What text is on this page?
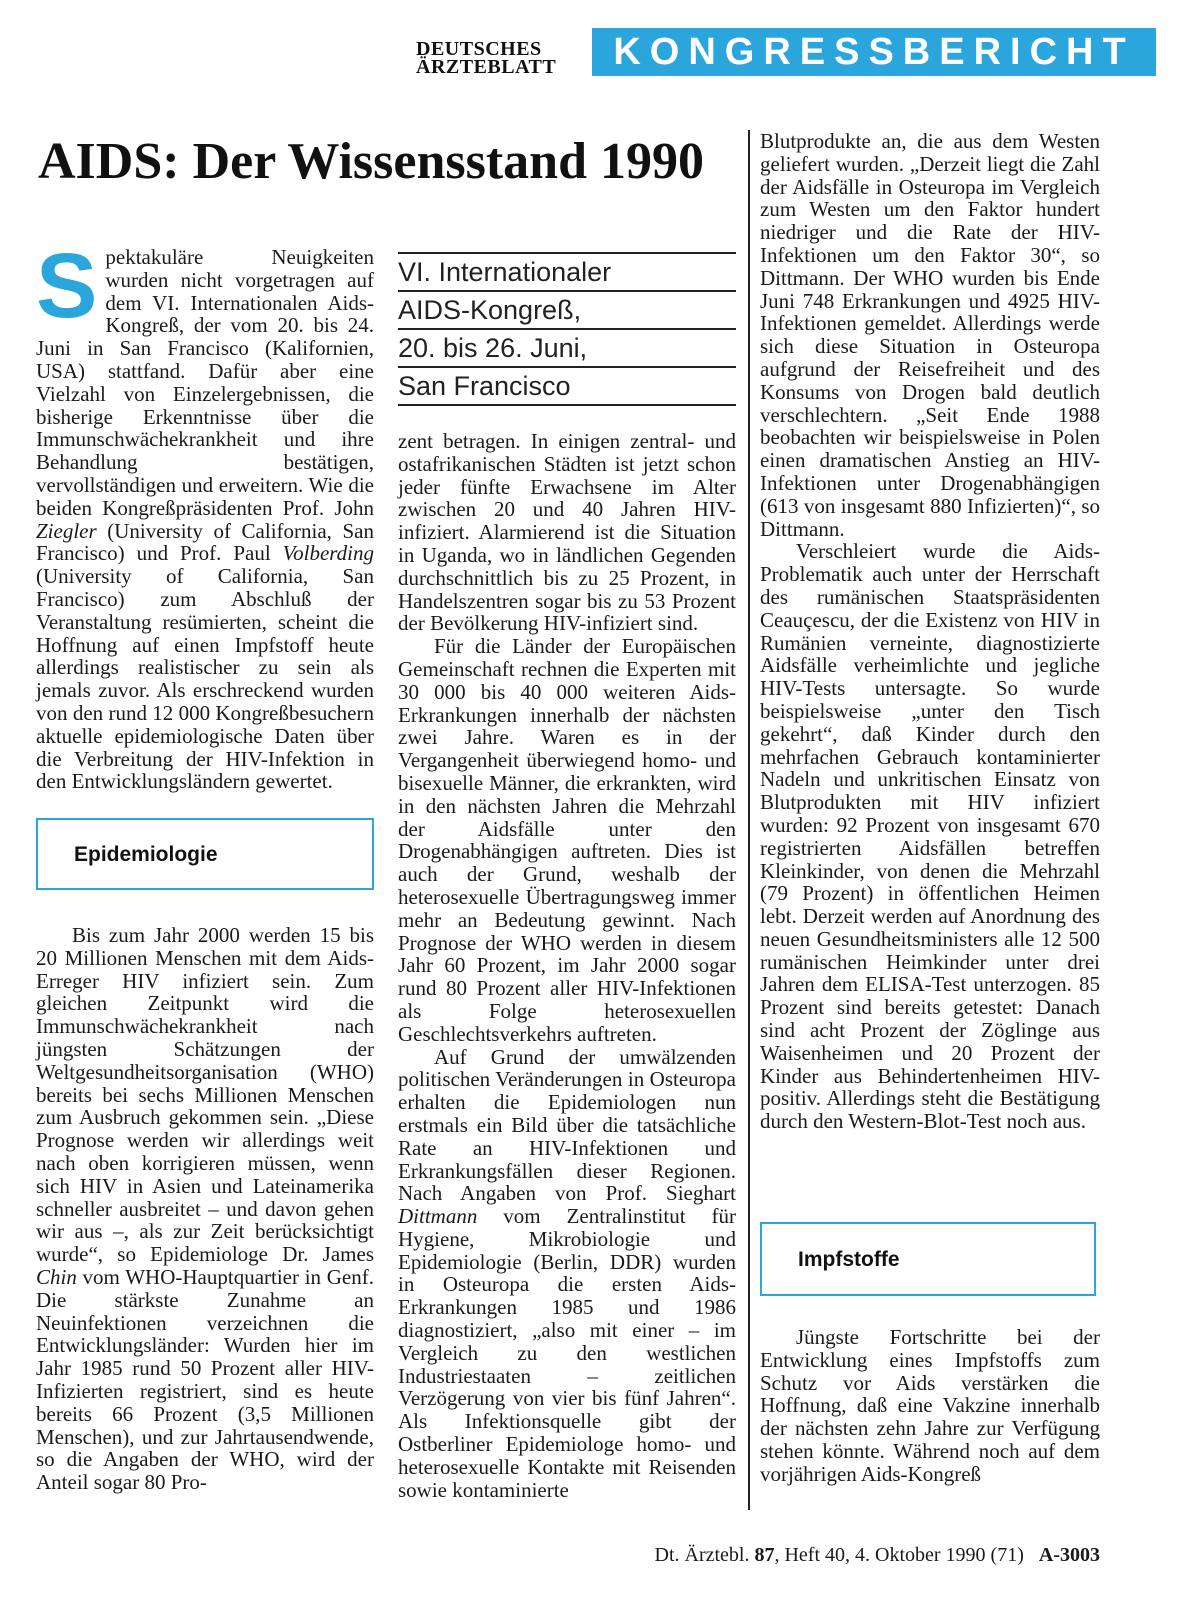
DEUTSCHES
ÄRZTEBLATT	KONGRESSBERICHT
AIDS: Der Wissensstand 1990

Spektakuläre Neuigkeiten wurden nicht vorgetragen auf dem VI. Internationalen Aids-Kongreß, der vom 20. bis 24. Juni in San Francisco (Kalifornien, USA) stattfand. Dafür aber eine Vielzahl von Einzelergebnissen, die bisherige Erkenntnisse über die Immunschwächekrankheit und ihre Behandlung bestätigen, vervollständigen und erweitern. Wie die beiden Kongreßpräsidenten Prof. John Ziegler (University of California, San Francisco) und Prof. Paul Volberding (University of California, San Francisco) zum Abschluß der Veranstaltung resümierten, scheint die Hoffnung auf einen Impfstoff heute allerdings realistischer zu sein als jemals zuvor. Als erschreckend wurden von den rund 12 000 Kongreßbesuchern aktuelle epidemiologische Daten über die Verbreitung der HIV-Infektion in den Entwicklungsländern gewertet.

Epidemiologie

Bis zum Jahr 2000 werden 15 bis 20 Millionen Menschen mit dem Aids-Erreger HIV infiziert sein. Zum gleichen Zeitpunkt wird die Immunschwächekrankheit nach jüngsten Schätzungen der Weltgesundheitsorganisation (WHO) bereits bei sechs Millionen Menschen zum Ausbruch gekommen sein. „Diese Prognose werden wir allerdings weit nach oben korrigieren müssen, wenn sich HIV in Asien und Lateinamerika schneller ausbreitet – und davon gehen wir aus –, als zur Zeit berücksichtigt wurde“, so Epidemiologe Dr. James Chin vom WHO-Hauptquartier in Genf. Die stärkste Zunahme an Neuinfektionen verzeichnen die Entwicklungsländer: Wurden hier im Jahr 1985 rund 50 Prozent aller HIV-Infizierten registriert, sind es heute bereits 66 Prozent (3,5 Millionen Menschen), und zur Jahrtausendwende, so die Angaben der WHO, wird der Anteil sogar 80 Pro-

VI. Internationaler
AIDS-Kongreß,
20. bis 26. Juni,
San Francisco

zent betragen. In einigen zentral- und ostafrikanischen Städten ist jetzt schon jeder fünfte Erwachsene im Alter zwischen 20 und 40 Jahren HIV-infiziert. Alarmierend ist die Situation in Uganda, wo in ländlichen Gegenden durchschnittlich bis zu 25 Prozent, in Handelszentren sogar bis zu 53 Prozent der Bevölkerung HIV-infiziert sind.

Für die Länder der Europäischen Gemeinschaft rechnen die Experten mit 30 000 bis 40 000 weiteren Aids-Erkrankungen innerhalb der nächsten zwei Jahre. Waren es in der Vergangenheit überwiegend homo- und bisexuelle Männer, die erkrankten, wird in den nächsten Jahren die Mehrzahl der Aidsfälle unter den Drogenabhängigen auftreten. Dies ist auch der Grund, weshalb der heterosexuelle Übertragungsweg immer mehr an Bedeutung gewinnt. Nach Prognose der WHO werden in diesem Jahr 60 Prozent, im Jahr 2000 sogar rund 80 Prozent aller HIV-Infektionen als Folge heterosexuellen Geschlechtsverkehrs auftreten.

Auf Grund der umwälzenden politischen Veränderungen in Osteuropa erhalten die Epidemiologen nun erstmals ein Bild über die tatsächliche Rate an HIV-Infektionen und Erkrankungsfällen dieser Regionen. Nach Angaben von Prof. Sieghart Dittmann vom Zentralinstitut für Hygiene, Mikrobiologie und Epidemiologie (Berlin, DDR) wurden in Osteuropa die ersten Aids-Erkrankungen 1985 und 1986 diagnostiziert, „also mit einer – im Vergleich zu den westlichen Industriestaaten – zeitlichen Verzögerung von vier bis fünf Jahren“. Als Infektionsquelle gibt der Ostberliner Epidemiologe homo- und heterosexuelle Kontakte mit Reisenden sowie kontaminierte

Blutprodukte an, die aus dem Westen geliefert wurden. „Derzeit liegt die Zahl der Aidsfälle in Osteuropa im Vergleich zum Westen um den Faktor hundert niedriger und die Rate der HIV-Infektionen um den Faktor 30“, so Dittmann. Der WHO wurden bis Ende Juni 748 Erkrankungen und 4925 HIV-Infektionen gemeldet. Allerdings werde sich diese Situation in Osteuropa aufgrund der Reisefreiheit und des Konsums von Drogen bald deutlich verschlechtern. „Seit Ende 1988 beobachten wir beispielsweise in Polen einen dramatischen Anstieg an HIV-Infektionen unter Drogenabhängigen (613 von insgesamt 880 Infizierten)“, so Dittmann.

Verschleiert wurde die Aids-Problematik auch unter der Herrschaft des rumänischen Staatspräsidenten Ceauçescu, der die Existenz von HIV in Rumänien verneinte, diagnostizierte Aidsfälle verheimlichte und jegliche HIV-Tests untersagte. So wurde beispielsweise „unter den Tisch gekehrt“, daß Kinder durch den mehrfachen Gebrauch kontaminierter Nadeln und unkritischen Einsatz von Blutprodukten mit HIV infiziert wurden: 92 Prozent von insgesamt 670 registrierten Aidsfällen betreffen Kleinkinder, von denen die Mehrzahl (79 Prozent) in öffentlichen Heimen lebt. Derzeit werden auf Anordnung des neuen Gesundheitsministers alle 12 500 rumänischen Heimkinder unter drei Jahren dem ELISA-Test unterzogen. 85 Prozent sind bereits getestet: Danach sind acht Prozent der Zöglinge aus Waisenheimen und 20 Prozent der Kinder aus Behindertenheimen HIV-positiv. Allerdings steht die Bestätigung durch den Western-Blot-Test noch aus.

Impfstoffe

Jüngste Fortschritte bei der Entwicklung eines Impfstoffs zum Schutz vor Aids verstärken die Hoffnung, daß eine Vakzine innerhalb der nächsten zehn Jahre zur Verfügung stehen könnte. Während noch auf dem vorjährigen Aids-Kongreß

Dt. Ärztebl. 87, Heft 40, 4. Oktober 1990 (71) A-3003
